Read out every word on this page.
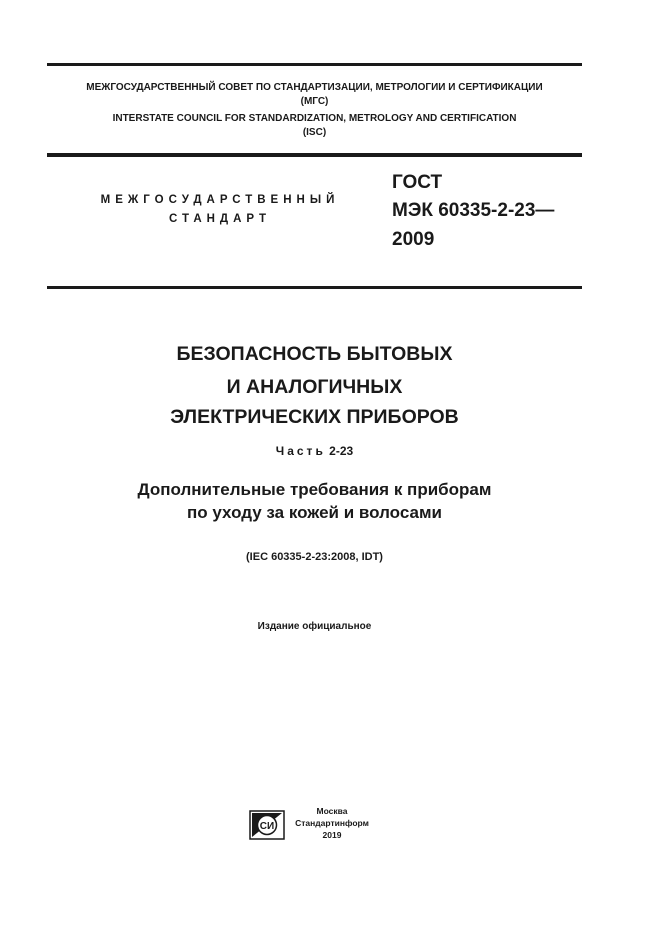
МЕЖГОСУДАРСТВЕННЫЙ СОВЕТ ПО СТАНДАРТИЗАЦИИ, МЕТРОЛОГИИ И СЕРТИФИКАЦИИ
(МГС)
INTERSTATE COUNCIL FOR STANDARDIZATION, METROLOGY AND CERTIFICATION
(ISC)
МЕЖГОСУДАРСТВЕННЫЙ
СТАНДАРТ
ГОСТ
МЭК 60335-2-23—
2009
БЕЗОПАСНОСТЬ БЫТОВЫХ
И АНАЛОГИЧНЫХ
ЭЛЕКТРИЧЕСКИХ ПРИБОРОВ
Часть 2-23
Дополнительные требования к приборам
по уходу за кожей и волосами
(IEC 60335-2-23:2008, IDT)
Издание официальное
СИ
Москва
Стандартинформ
2019
